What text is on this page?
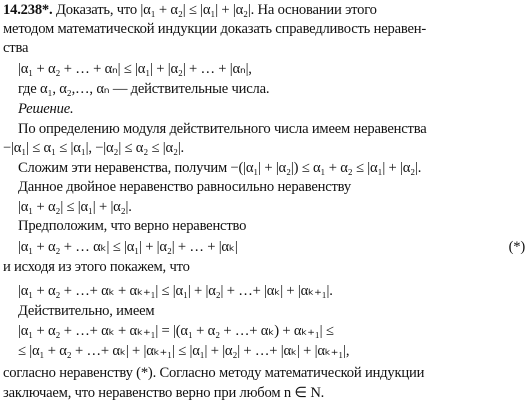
14.238*. Доказать, что |α₁ + α₂| ≤ |α₁| + |α₂|. На основании этого
методом математической индукции доказать справедливость неравен-
ства
|α₁ + α₂ + … + αₙ| ≤ |α₁| + |α₂| + … + |αₙ|,
где α₁, α₂,…, αₙ — действительные числа.
Решение.
По определению модуля действительного числа имеем неравенства
−|α₁| ≤ α₁ ≤ |α₁|, −|α₂| ≤ α₂ ≤ |α₂|.
Сложим эти неравенства, получим −(|α₁| + |α₂|) ≤ α₁ + α₂ ≤ |α₁| + |α₂|.
Данное двойное неравенство равносильно неравенству
|α₁ + α₂| ≤ |α₁| + |α₂|.
Предположим, что верно неравенство
|α₁ + α₂ + … αₖ| ≤ |α₁| + |α₂| + … + |αₖ|	(*)
и исходя из этого покажем, что
|α₁ + α₂ + …+ αₖ + αₖ₊₁| ≤ |α₁| + |α₂| + …+ |αₖ| + |αₖ₊₁|.
Действительно, имеем
|α₁ + α₂ + …+ αₖ + αₖ₊₁| = |(α₁ + α₂ + …+ αₖ) + αₖ₊₁| ≤
≤ |α₁ + α₂ + …+ αₖ| + |αₖ₊₁| ≤ |α₁| + |α₂| + …+ |αₖ| + |αₖ₊₁|,
согласно неравенству (*). Согласно методу математической индукции
заключаем, что неравенство верно при любом n ∈ N.
